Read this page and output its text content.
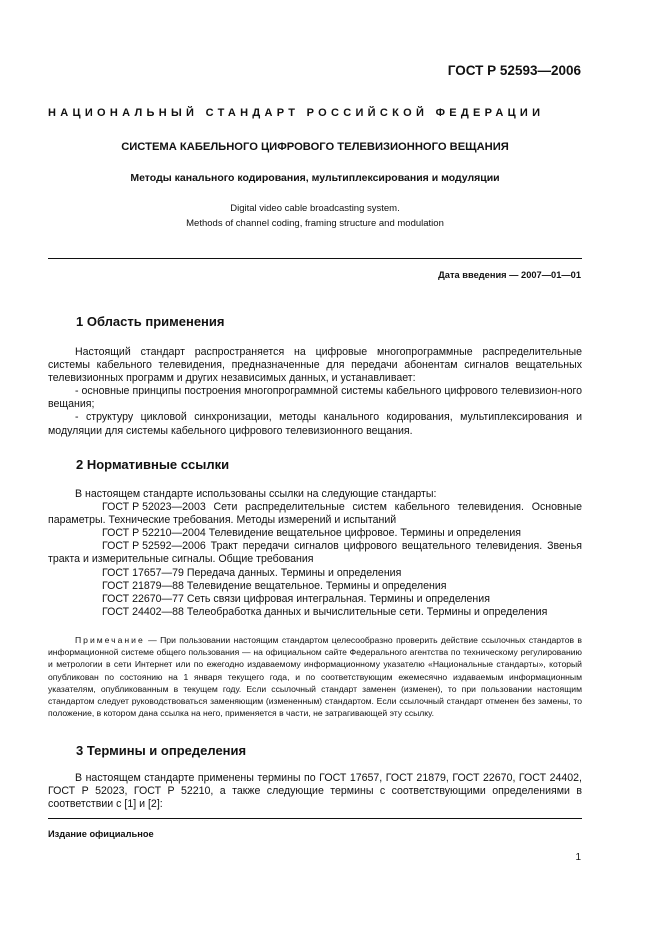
ГОСТ Р 52593—2006
НАЦИОНАЛЬНЫЙ СТАНДАРТ РОССИЙСКОЙ ФЕДЕРАЦИИ
СИСТЕМА КАБЕЛЬНОГО ЦИФРОВОГО ТЕЛЕВИЗИОННОГО ВЕЩАНИЯ
Методы канального кодирования, мультиплексирования и модуляции
Digital video cable broadcasting system.
Methods of channel coding, framing structure and modulation
Дата введения — 2007—01—01
1 Область применения

Настоящий стандарт распространяется на цифровые многопрограммные распределительные системы кабельного телевидения, предназначенные для передачи абонентам сигналов вещательных телевизионных программ и других независимых данных, и устанавливает:

- основные принципы построения многопрограммной системы кабельного цифрового телевизион-ного вещания;

- структуру цикловой синхронизации, методы канального кодирования, мультиплексирования и модуляции для системы кабельного цифрового телевизионного вещания.

2 Нормативные ссылки

В настоящем стандарте использованы ссылки на следующие стандарты:

ГОСТ Р 52023—2003 Сети распределительные систем кабельного телевидения. Основные параметры. Технические требования. Методы измерений и испытаний

ГОСТ Р 52210—2004 Телевидение вещательное цифровое. Термины и определения

ГОСТ Р 52592—2006 Тракт передачи сигналов цифрового вещательного телевидения. Звенья тракта и измерительные сигналы. Общие требования

ГОСТ 17657—79 Передача данных. Термины и определения

ГОСТ 21879—88 Телевидение вещательное. Термины и определения

ГОСТ 22670—77 Сеть связи цифровая интегральная. Термины и определения

ГОСТ 24402—88 Телеобработка данных и вычислительные сети. Термины и определения

Примечание — При пользовании настоящим стандартом целесообразно проверить действие ссылочных стандартов в информационной системе общего пользования — на официальном сайте Федерального агентства по техническому регулированию и метрологии в сети Интернет или по ежегодно издаваемому информационному указателю «Национальные стандарты», который опубликован по состоянию на 1 января текущего года, и по соответствующим ежемесячно издаваемым информационным указателям, опубликованным в текущем году. Если ссылочный стандарт заменен (изменен), то при пользовании настоящим стандартом следует руководствоваться заменяющим (измененным) стандартом. Если ссылочный стандарт отменен без замены, то положение, в котором дана ссылка на него, применяется в части, не затрагивающей эту ссылку.
3 Термины и определения

В настоящем стандарте применены термины по ГОСТ 17657, ГОСТ 21879, ГОСТ 22670, ГОСТ 24402, ГОСТ Р 52023, ГОСТ Р 52210, а также следующие термины с соответствующими определениями в соответствии с [1] и [2]:

Издание официальное
1
